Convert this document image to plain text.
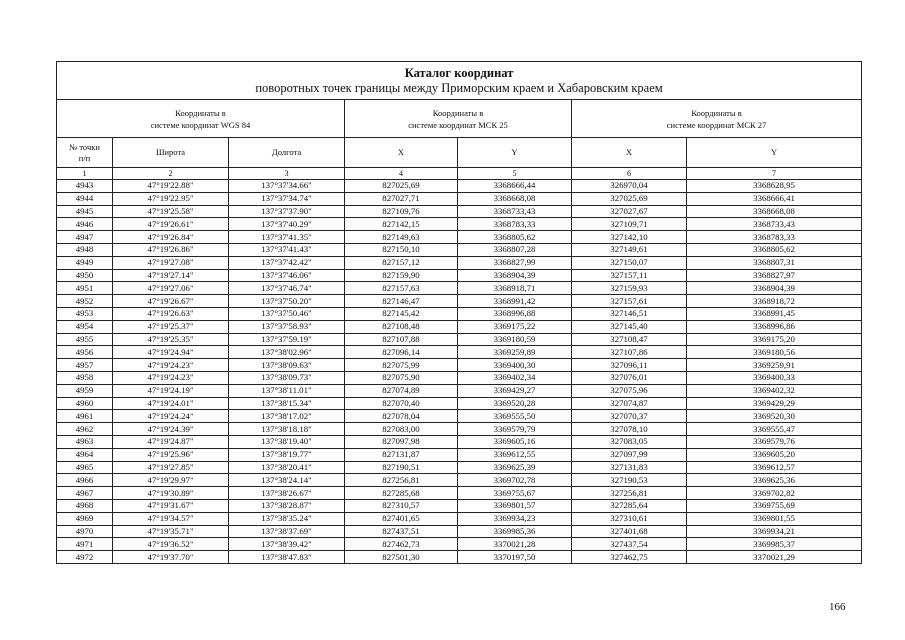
Каталог координат
поворотных точек границы между Приморским краем и Хабаровским краем						

Координаты в
системе координат WGS 84			Координаты в
системе координат МСК 25		Координаты в
системе координат МСК 27	
№ точки
п/п	Широта	Долгота	X	Y	X	Y
1	2	3	4	5	6	7
4943	47°19'22.88"	137°37'34.66"	827025,69	3368666,44	326970,04	3368628,95
4944	47°19'22.95"	137°37'34.74"	827027,71	3368668,08	327025,69	3368666,41
4945	47°19'25.58"	137°37'37.90"	827109,76	3368733,43	327027,67	3368668,08
4946	47°19'26.61"	137°37'40.29"	827142,15	3368783,33	327109,71	3368733,43
4947	47°19'26.84"	137°37'41.35"	827149,63	3368805,62	327142,10	3368783,33
4948	47°19'26.86"	137°37'41.43"	827150,10	3368807,28	327149,61	3368805,62
4949	47°19'27.08"	137°37'42.42"	827157,12	3368827,99	327150,07	3368807,31
4950	47°19'27.14"	137°37'46.06"	827159,90	3368904,39	327157,11	3368827,97
4951	47°19'27.06"	137°37'46.74"	827157,63	3368918,71	327159,93	3368904,39
4952	47°19'26.67"	137°37'50.20"	827146,47	3368991,42	327157,61	3368918,72
4953	47°19'26.63"	137°37'50.46"	827145,42	3368996,88	327146,51	3368991,45
4954	47°19'25.37"	137°37'58.93"	827108,48	3369175,22	327145,40	3368996,86
4955	47°19'25.35"	137°37'59.19"	827107,88	3369180,59	327108,47	3369175,20
4956	47°19'24.94"	137°38'02.96"	827096,14	3369259,89	327107,86	3369180,56
4957	47°19'24.23"	137°38'09.63"	827075,99	3369400,30	327096,11	3369259,91
4958	47°19'24.23"	137°38'09.73"	827075,90	3369402,34	327076,01	3369400,33
4959	47°19'24.19"	137°38'11.01"	827074,89	3369429,27	327075,96	3369402,32
4960	47°19'24.01"	137°38'15.34"	827070,40	3369520,28	327074,87	3369429,29
4961	47°19'24.24"	137°38'17.02"	827078,04	3369555,50	327070,37	3369520,30
4962	47°19'24.39"	137°38'18.18"	827083,00	3369579,79	327078,10	3369555,47
4963	47°19'24.87"	137°38'19.40"	827097,98	3369605,16	327083,05	3369579,76
4964	47°19'25.96"	137°38'19.77"	827131,87	3369612,55	327097,99	3369605,20
4965	47°19'27.85"	137°38'20.41"	827190,51	3369625,39	327131,83	3369612,57
4966	47°19'29.97"	137°38'24.14"	827256,81	3369702,78	327190,53	3369625,36
4967	47°19'30.89"	137°38'26.67"	827285,68	3369755,67	327256,81	3369702,82
4968	47°19'31.67"	137°38'28.87"	827310,57	3369801,57	327285,64	3369755,69
4969	47°19'34.57"	137°38'35.24"	827401,65	3369934,23	327310,61	3369801,55
4970	47°19'35.71"	137°38'37.69"	827437,51	3369985,36	327401,68	3369934,21
4971	47°19'36.52"	137°38'39.42"	827462,73	3370021,28	327437,54	3369985,37
4972	47°19'37.70"	137°38'47.83"	827501,30	3370197,50	327462,75	3370021,29
166
